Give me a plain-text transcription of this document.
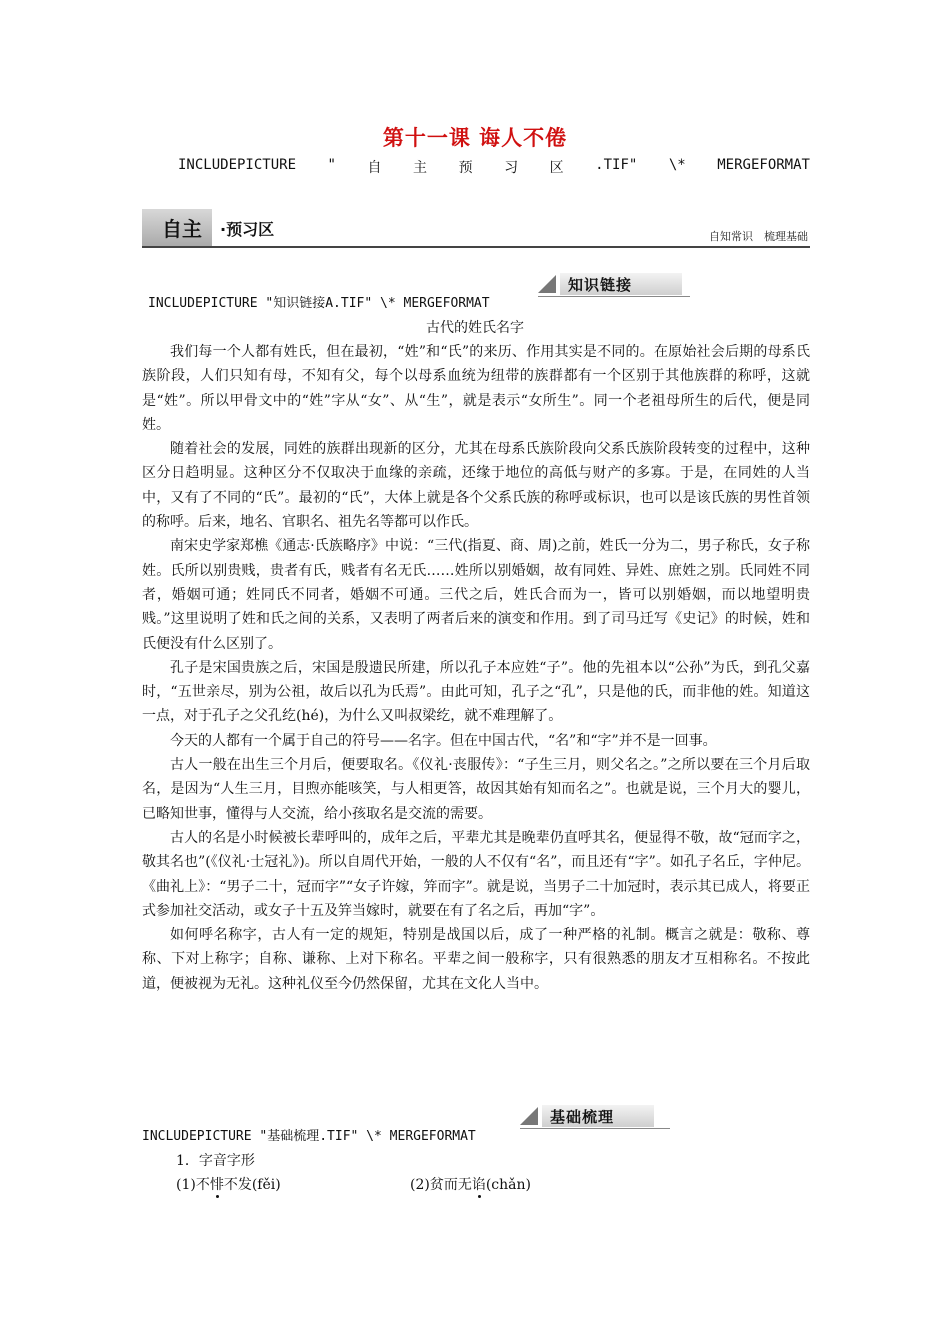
第十一课 诲人不倦
INCLUDEPICTURE " 自 主 预 习 区 .TIF" \* MERGEFORMAT
自主 ·预习区	自知常识　梳理基础
INCLUDEPICTURE "知识链接A.TIF" \* MERGEFORMAT
知识链接
古代的姓氏名字

我们每一个人都有姓氏，但在最初，“姓”和“氏”的来历、作用其实是不同的。在原始社会后期的母系氏族阶段，人们只知有母，不知有父，每个以母系血统为纽带的族群都有一个区别于其他族群的称呼，这就是“姓”。所以甲骨文中的“姓”字从“女”、从“生”，就是表示“女所生”。同一个老祖母所生的后代，便是同姓。

随着社会的发展，同姓的族群出现新的区分，尤其在母系氏族阶段向父系氏族阶段转变的过程中，这种区分日趋明显。这种区分不仅取决于血缘的亲疏，还缘于地位的高低与财产的多寡。于是，在同姓的人当中，又有了不同的“氏”。最初的“氏”，大体上就是各个父系氏族的称呼或标识，也可以是该氏族的男性首领的称呼。后来，地名、官职名、祖先名等都可以作氏。

南宋史学家郑樵《通志·氏族略序》中说：“三代(指夏、商、周)之前，姓氏一分为二，男子称氏，女子称姓。氏所以别贵贱，贵者有氏，贱者有名无氏……姓所以别婚姻，故有同姓、异姓、庶姓之别。氏同姓不同者，婚姻可通；姓同氏不同者，婚姻不可通。三代之后，姓氏合而为一，皆可以别婚姻，而以地望明贵贱。”这里说明了姓和氏之间的关系，又表明了两者后来的演变和作用。到了司马迁写《史记》的时候，姓和氏便没有什么区别了。

孔子是宋国贵族之后，宋国是殷遗民所建，所以孔子本应姓“子”。他的先祖本以“公孙”为氏，到孔父嘉时，“五世亲尽，别为公祖，故后以孔为氏焉”。由此可知，孔子之“孔”，只是他的氏，而非他的姓。知道这一点，对于孔子之父孔纥(hé)，为什么又叫叔梁纥，就不难理解了。

今天的人都有一个属于自己的符号——名字。但在中国古代，“名”和“字”并不是一回事。

古人一般在出生三个月后，便要取名。《仪礼·丧服传》：“子生三月，则父名之。”之所以要在三个月后取名，是因为“人生三月，目煦亦能咳笑，与人相更答，故因其始有知而名之”。也就是说，三个月大的婴儿，已略知世事，懂得与人交流，给小孩取名是交流的需要。

古人的名是小时候被长辈呼叫的，成年之后，平辈尤其是晚辈仍直呼其名，便显得不敬，故“冠而字之，敬其名也”(《仪礼·士冠礼》)。所以自周代开始，一般的人不仅有“名”，而且还有“字”。如孔子名丘，字仲尼。《曲礼上》：“男子二十，冠而字”“女子许嫁，笄而字”。就是说，当男子二十加冠时，表示其已成人，将要正式参加社交活动，或女子十五及笄当嫁时，就要在有了名之后，再加“字”。

如何呼名称字，古人有一定的规矩，特别是战国以后，成了一种严格的礼制。概言之就是：敬称、尊称、下对上称字；自称、谦称、上对下称名。平辈之间一般称字，只有很熟悉的朋友才互相称名。不按此道，便被视为无礼。这种礼仪至今仍然保留，尤其在文化人当中。

INCLUDEPICTURE "基础梳理.TIF" \* MERGEFORMAT
基础梳理
1．字音字形
(1)不悱不发(fěi)	(2)贫而无谄(chǎn)
